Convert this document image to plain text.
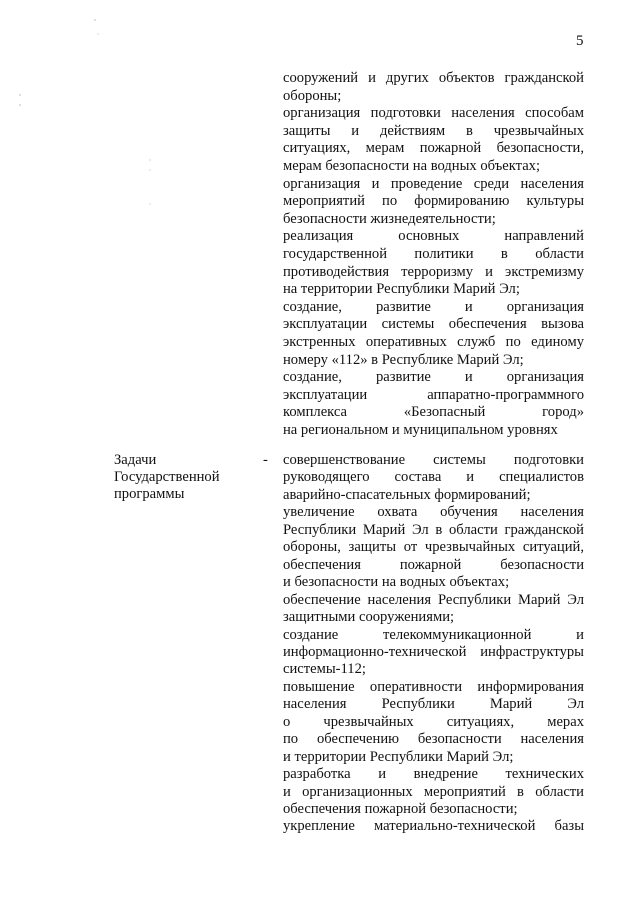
5
сооружений и других объектов гражданской
обороны;
организация подготовки населения способам
защиты и действиям в чрезвычайных
ситуациях, мерам пожарной безопасности,
мерам безопасности на водных объектах;
организация и проведение среди населения
мероприятий по формированию культуры
безопасности жизнедеятельности;
реализация основных направлений
государственной политики в области
противодействия терроризму и экстремизму
на территории Республики Марий Эл;
создание, развитие и организация
эксплуатации системы обеспечения вызова
экстренных оперативных служб по единому
номеру «112» в Республике Марий Эл;
создание, развитие и организация
эксплуатации аппаратно-программного
комплекса «Безопасный город»
на региональном и муниципальном уровнях
Задачи
Государственной
программы
- совершенствование системы подготовки
руководящего состава и специалистов
аварийно-спасательных формирований;
увеличение охвата обучения населения
Республики Марий Эл в области гражданской
обороны, защиты от чрезвычайных ситуаций,
обеспечения пожарной безопасности
и безопасности на водных объектах;
обеспечение населения Республики Марий Эл
защитными сооружениями;
создание телекоммуникационной и
информационно-технической инфраструктуры
системы-112;
повышение оперативности информирования
населения Республики Марий Эл
о чрезвычайных ситуациях, мерах
по обеспечению безопасности населения
и территории Республики Марий Эл;
разработка и внедрение технических
и организационных мероприятий в области
обеспечения пожарной безопасности;
укрепление материально-технической базы
